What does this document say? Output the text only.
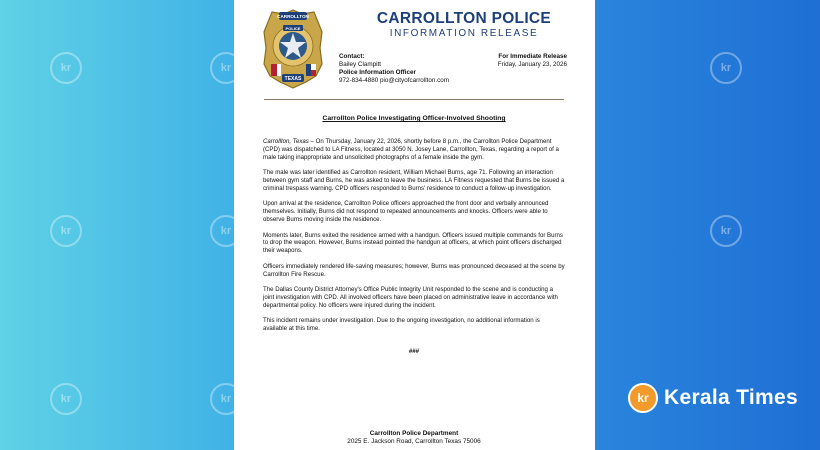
kr
kr
kr
kr
kr
kr
kr
kr
CARROLLTON
POLICE
TEXAS
CARROLLTON POLICE
INFORMATION RELEASE
Contact:
Bailey Clampitt
Police Information Officer
972-834-4880 pio@cityofcarrollton.com
For Immediate Release
Friday, January 23, 2026
Carrollton Police Investigating Officer-Involved Shooting

Carrollton, Texas – On Thursday, January 22, 2026, shortly before 8 p.m., the Carrollton Police Department (CPD) was dispatched to LA Fitness, located at 3050 N. Josey Lane, Carrollton, Texas, regarding a report of a male taking inappropriate and unsolicited photographs of a female inside the gym.

The male was later identified as Carrollton resident, William Michael Burns, age 71. Following an interaction between gym staff and Burns, he was asked to leave the business. LA Fitness requested that Burns be issued a criminal trespass warning. CPD officers responded to Burns' residence to conduct a follow-up investigation.

Upon arrival at the residence, Carrollton Police officers approached the front door and verbally announced themselves. Initially, Burns did not respond to repeated announcements and knocks. Officers were able to observe Burns moving inside the residence.

Moments later, Burns exited the residence armed with a handgun. Officers issued multiple commands for Burns to drop the weapon. However, Burns instead pointed the handgun at officers, at which point officers discharged their weapons.

Officers immediately rendered life-saving measures; however, Burns was pronounced deceased at the scene by Carrollton Fire Rescue.

The Dallas County District Attorney's Office Public Integrity Unit responded to the scene and is conducting a joint investigation with CPD. All involved officers have been placed on administrative leave in accordance with departmental policy. No officers were injured during the incident.

This incident remains under investigation. Due to the ongoing investigation, no additional information is available at this time.

###
Carrollton Police Department
2025 E. Jackson Road, Carrollton Texas 75006
kr Kerala Times
